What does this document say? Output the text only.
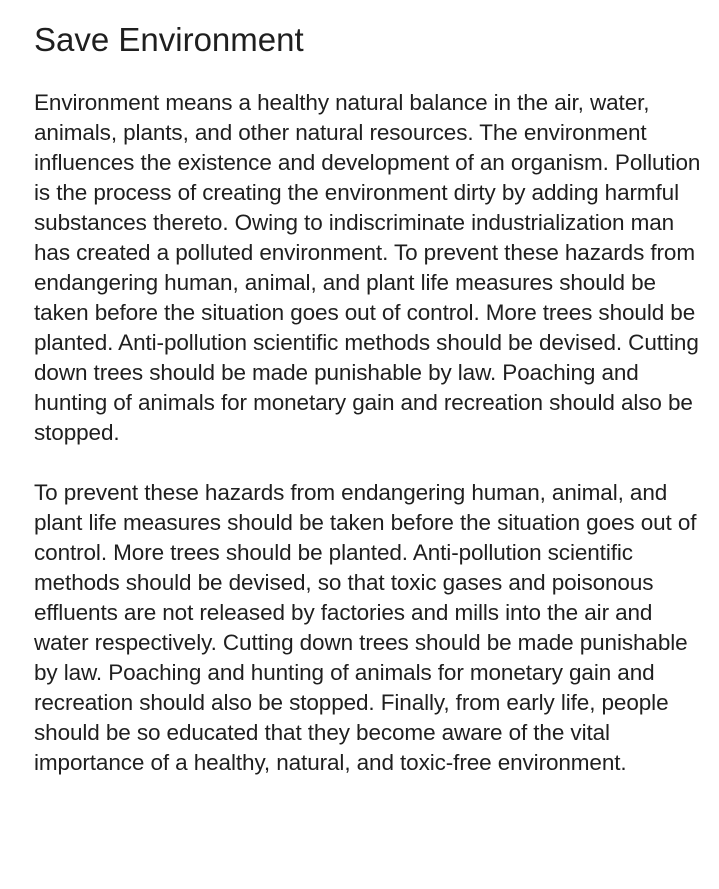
Save Environment

Environment means a healthy natural balance in the air, water, animals, plants, and other natural resources. The environment influences the existence and development of an organism. Pollution is the process of creating the environment dirty by adding harmful substances thereto. Owing to indiscriminate industrialization man has created a polluted environment. To prevent these hazards from endangering human, animal, and plant life measures should be taken before the situation goes out of control. More trees should be planted. Anti-pollution scientific methods should be devised. Cutting down trees should be made punishable by law. Poaching and hunting of animals for monetary gain and recreation should also be stopped.

To prevent these hazards from endangering human, animal, and plant life measures should be taken before the situation goes out of control. More trees should be planted. Anti-pollution scientific methods should be devised, so that toxic gases and poisonous effluents are not released by factories and mills into the air and water respectively. Cutting down trees should be made punishable by law. Poaching and hunting of animals for monetary gain and recreation should also be stopped. Finally, from early life, people should be so educated that they become aware of the vital importance of a healthy, natural, and toxic-free environment.
